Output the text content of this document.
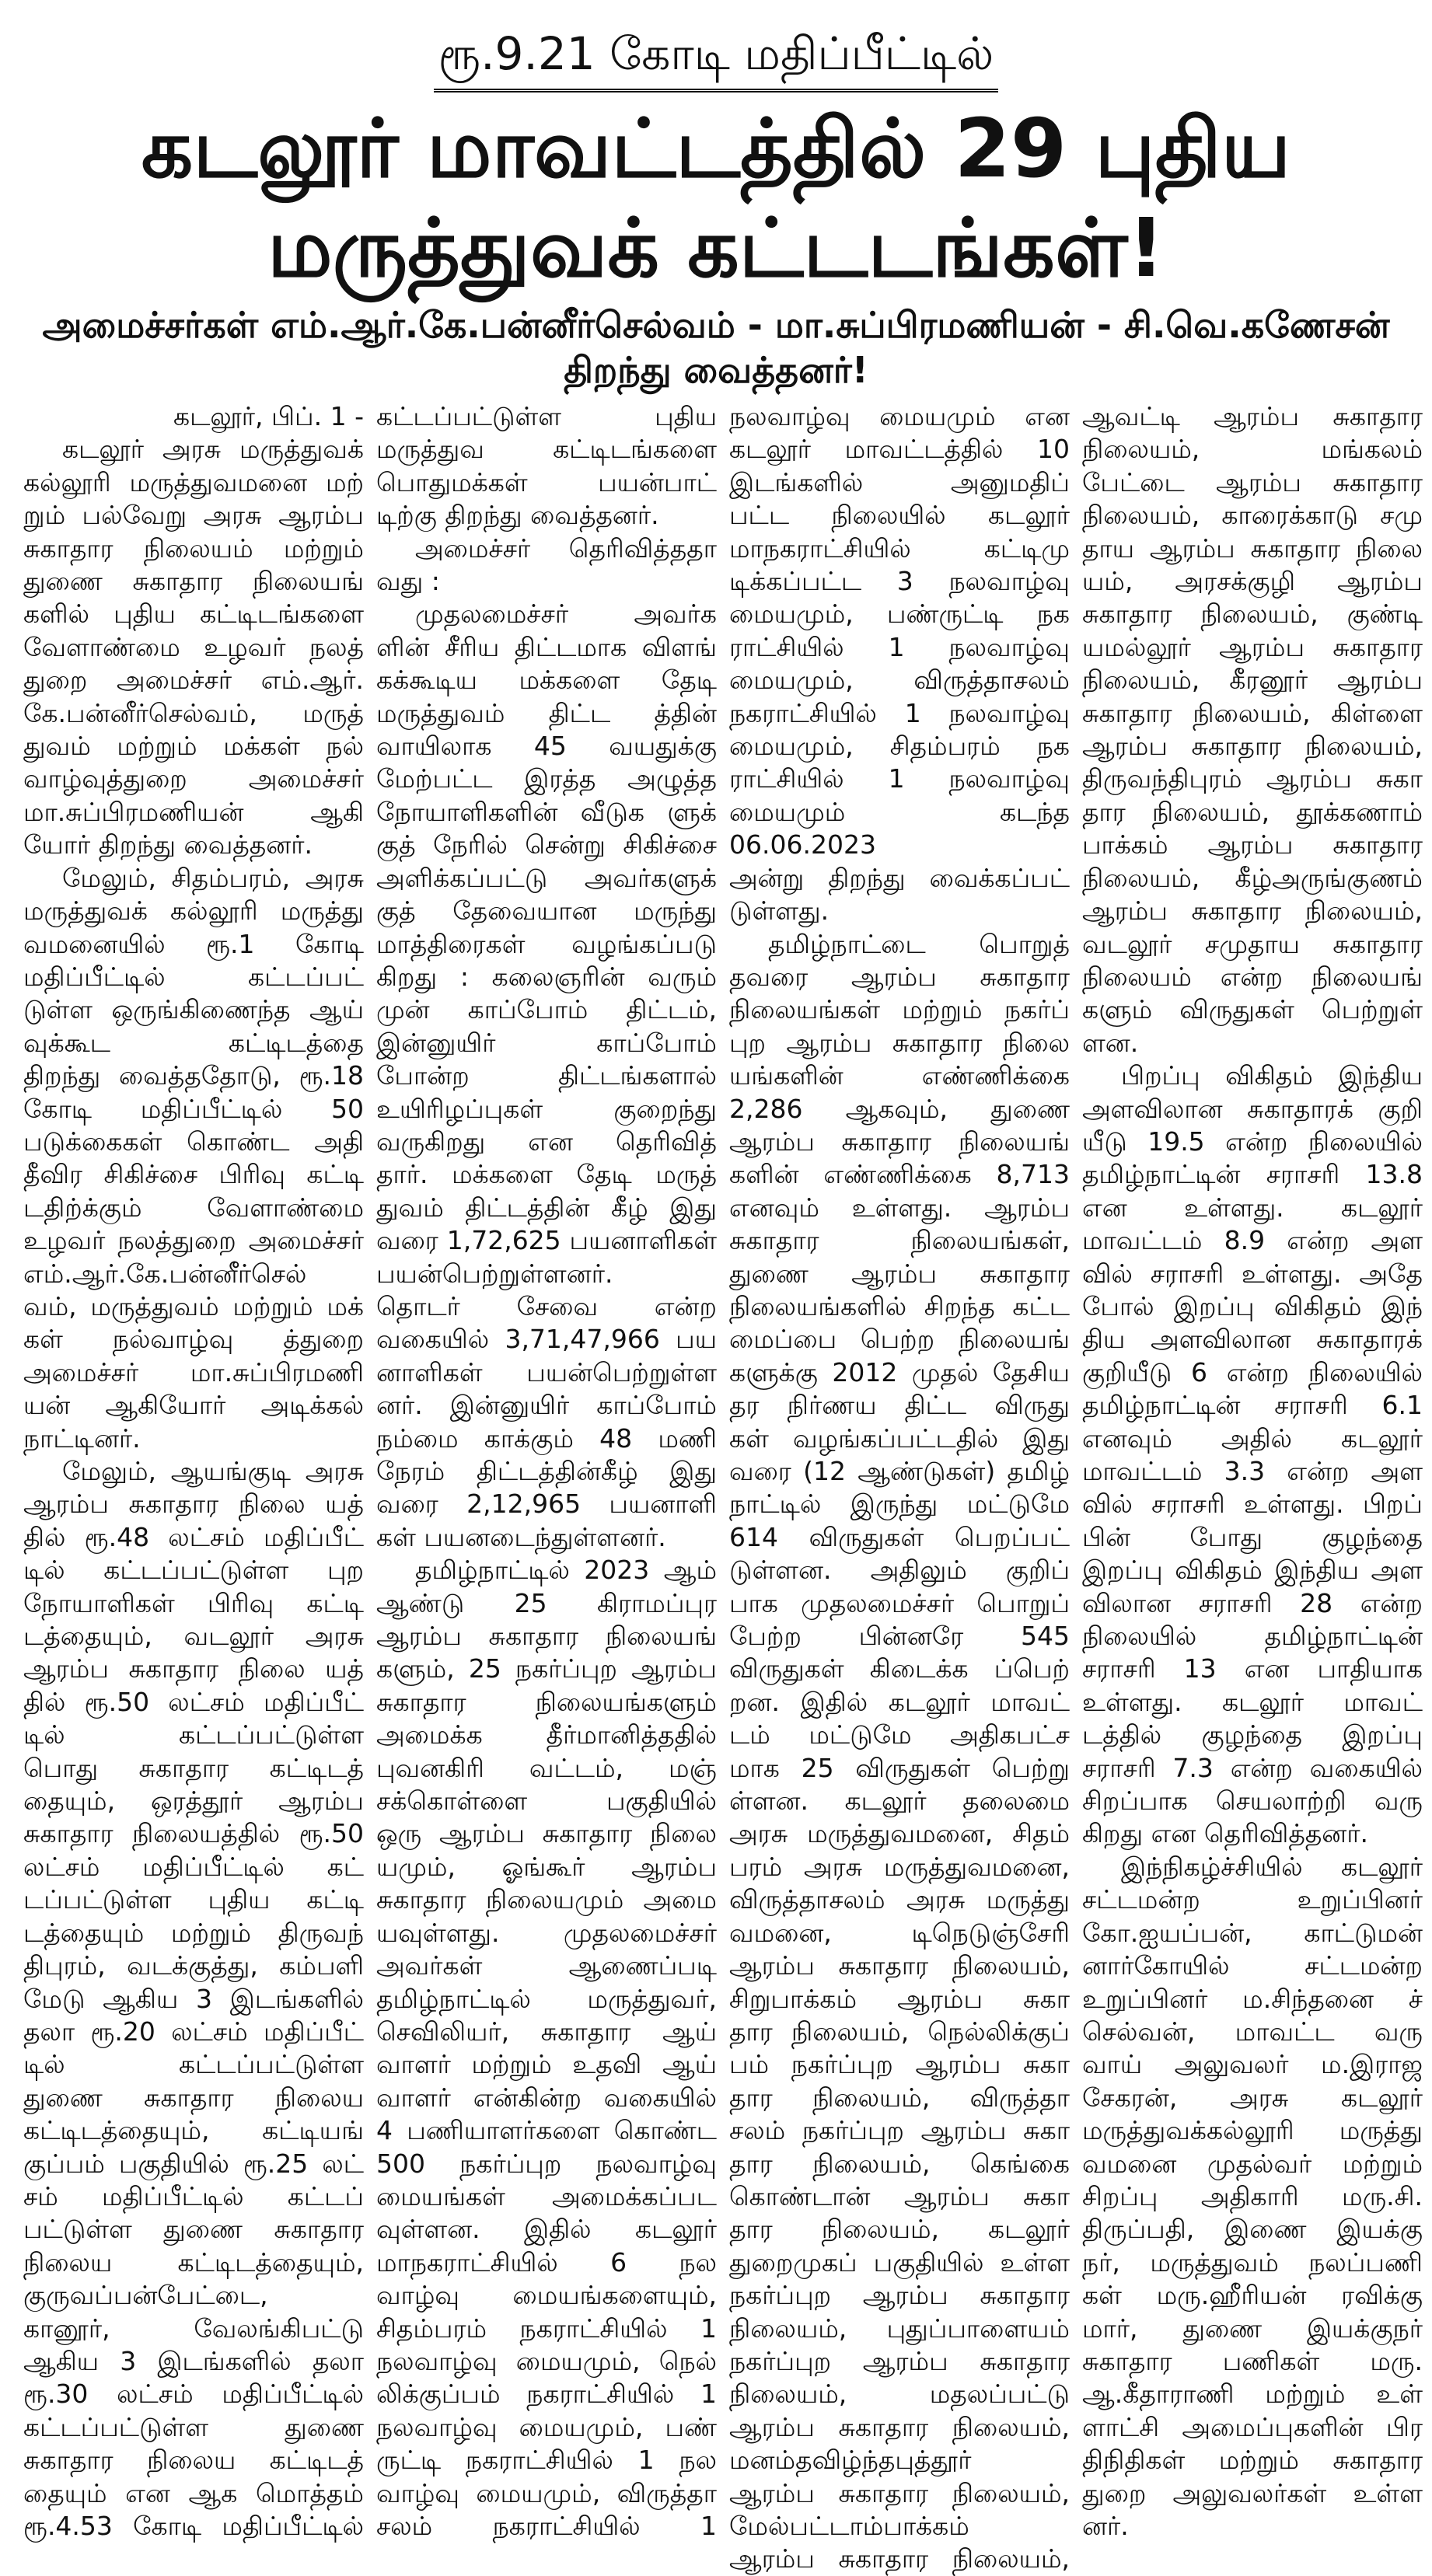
ரூ.9.21 கோடி மதிப்பீட்டில்
கடலூர் மாவட்டத்தில் 29 புதிய மருத்துவக் கட்டடங்கள்!
அமைச்சர்கள் எம்.ஆர்.கே.பன்னீர்செல்வம் - மா.சுப்பிரமணியன் - சி.வெ.கணேசன் திறந்து வைத்தனர்!
கடலூர், பிப். 1 -
கடலூர் அரசு மருத்துவக்
கல்லூரி மருத்துவமனை மற்
றும் பல்வேறு அரசு ஆரம்ப
சுகாதார நிலையம் மற்றும்
துணை சுகாதார நிலையங்
களில் புதிய கட்டிடங்களை
வேளாண்மை உழவர் நலத்
துறை அமைச்சர் எம்.ஆர்.
கே.பன்னீர்செல்வம், மருத்
துவம் மற்றும் மக்கள் நல்
வாழ்வுத்துறை அமைச்சர்
மா.சுப்பிரமணியன் ஆகி
யோர் திறந்து வைத்தனர்.
மேலும், சிதம்பரம், அரசு
மருத்துவக் கல்லூரி மருத்து
வமனையில் ரூ.1 கோடி
மதிப்பீட்டில் கட்டப்பட்
டுள்ள ஒருங்கிணைந்த ஆய்
வுக்கூட கட்டிடத்தை
திறந்து வைத்ததோடு, ரூ.18
கோடி மதிப்பீட்டில் 50
படுக்கைகள் கொண்ட அதி
தீவிர சிகிச்சை பிரிவு கட்டி
டதிற்க்கும் வேளாண்மை
உழவர் நலத்துறை அமைச்சர்
எம்.ஆர்.கே.பன்னீர்செல்
வம், மருத்துவம் மற்றும் மக்
கள் நல்வாழ்வு த்துறை
அமைச்சர் மா.சுப்பிரமணி
யன் ஆகியோர் அடிக்கல்
நாட்டினர்.
மேலும், ஆயங்குடி அரசு
ஆரம்ப சுகாதார நிலை யத்
தில் ரூ.48 லட்சம் மதிப்பீட்
டில் கட்டப்பட்டுள்ள புற
நோயாளிகள் பிரிவு கட்டி
டத்தையும், வடலூர் அரசு
ஆரம்ப சுகாதார நிலை யத்
தில் ரூ.50 லட்சம் மதிப்பீட்
டில் கட்டப்பட்டுள்ள
பொது சுகாதார கட்டிடத்
தையும், ஒரத்தூர் ஆரம்ப
சுகாதார நிலையத்தில் ரூ.50
லட்சம் மதிப்பீட்டில் கட்
டப்பட்டுள்ள புதிய கட்டி
டத்தையும் மற்றும் திருவந்
திபுரம், வடக்குத்து, கம்பளி
மேடு ஆகிய 3 இடங்களில்
தலா ரூ.20 லட்சம் மதிப்பீட்
டில் கட்டப்பட்டுள்ள
துணை சுகாதார நிலைய
கட்டிடத்தையும், கட்டியங்
குப்பம் பகுதியில் ரூ.25 லட்
சம் மதிப்பீட்டில் கட்டப்
பட்டுள்ள துணை சுகாதார
நிலைய கட்டிடத்தையும்,
குருவப்பன்பேட்டை,
கானூர், வேலங்கிபட்டு
ஆகிய 3 இடங்களில் தலா
ரூ.30 லட்சம் மதிப்பீட்டில்
கட்டப்பட்டுள்ள துணை
சுகாதார நிலைய கட்டிடத்
தையும் என ஆக மொத்தம்
ரூ.4.53 கோடி மதிப்பீட்டில்
கட்டப்பட்டுள்ள புதிய
மருத்துவ கட்டிடங்களை
பொதுமக்கள் பயன்பாட்
டிற்கு திறந்து வைத்தனர்.
அமைச்சர் தெரிவித்ததா
வது :
முதலமைச்சர் அவர்க
ளின் சீரிய திட்டமாக விளங்
கக்கூடிய மக்களை தேடி
மருத்துவம் திட்ட த்தின்
வாயிலாக 45 வயதுக்கு
மேற்பட்ட இரத்த அழுத்த
நோயாளிகளின் வீடுக ளுக்
குத் நேரில் சென்று சிகிச்சை
அளிக்கப்பட்டு அவர்களுக்
குத் தேவையான மருந்து
மாத்திரைகள் வழங்கப்படு
கிறது : கலைஞரின் வரும்
முன் காப்போம் திட்டம்,
இன்னுயிர் காப்போம்
போன்ற திட்டங்களால்
உயிரிழப்புகள் குறைந்து
வருகிறது என தெரிவித்
தார். மக்களை தேடி மருத்
துவம் திட்டத்தின் கீழ் இது
வரை 1,72,625 பயனாளிகள்
பயன்பெற்றுள்ளனர்.
தொடர் சேவை என்ற
வகையில் 3,71,47,966 பய
னாளிகள் பயன்பெற்றுள்ள
னர். இன்னுயிர் காப்போம்
நம்மை காக்கும் 48 மணி
நேரம் திட்டத்தின்கீழ் இது
வரை 2,12,965 பயனாளி
கள் பயனடைந்துள்ளனர்.
தமிழ்நாட்டில் 2023 ஆம்
ஆண்டு 25 கிராமப்புர
ஆரம்ப சுகாதார நிலையங்
களும், 25 நகர்ப்புற ஆரம்ப
சுகாதார நிலையங்களும்
அமைக்க தீர்மானித்ததில்
புவனகிரி வட்டம், மஞ்
சக்கொள்ளை பகுதியில்
ஒரு ஆரம்ப சுகாதார நிலை
யமும், ஓங்கூர் ஆரம்ப
சுகாதார நிலையமும் அமை
யவுள்ளது. முதலமைச்சர்
அவர்கள் ஆணைப்படி
தமிழ்நாட்டில் மருத்துவர்,
செவிலியர், சுகாதார ஆய்
வாளர் மற்றும் உதவி ஆய்
வாளர் என்கின்ற வகையில்
4 பணியாளர்களை கொண்ட
500 நகர்ப்புற நலவாழ்வு
மையங்கள் அமைக்கப்பட
வுள்ளன. இதில் கடலூர்
மாநகராட்சியில் 6 நல
வாழ்வு மையங்களையும்,
சிதம்பரம் நகராட்சியில் 1
நலவாழ்வு மையமும், நெல்
லிக்குப்பம் நகராட்சியில் 1
நலவாழ்வு மையமும், பண்
ருட்டி நகராட்சியில் 1 நல
வாழ்வு மையமும், விருத்தா
சலம் நகராட்சியில் 1
நலவாழ்வு மையமும் என
கடலூர் மாவட்டத்தில் 10
இடங்களில் அனுமதிப்
பட்ட நிலையில் கடலூர்
மாநகராட்சியில் கட்டிமு
டிக்கப்பட்ட 3 நலவாழ்வு
மையமும், பண்ருட்டி நக
ராட்சியில் 1 நலவாழ்வு
மையமும், விருத்தாசலம்
நகராட்சியில் 1 நலவாழ்வு
மையமும், சிதம்பரம் நக
ராட்சியில் 1 நலவாழ்வு
மையமும் கடந்த 06.06.2023
அன்று திறந்து வைக்கப்பட்
டுள்ளது.
தமிழ்நாட்டை பொறுத்
தவரை ஆரம்ப சுகாதார
நிலையங்கள் மற்றும் நகர்ப்
புற ஆரம்ப சுகாதார நிலை
யங்களின் எண்ணிக்கை
2,286 ஆகவும், துணை
ஆரம்ப சுகாதார நிலையங்
களின் எண்ணிக்கை 8,713
எனவும் உள்ளது. ஆரம்ப
சுகாதார நிலையங்கள்,
துணை ஆரம்ப சுகாதார
நிலையங்களில் சிறந்த கட்ட
மைப்பை பெற்ற நிலையங்
களுக்கு 2012 முதல் தேசிய
தர நிர்ணய திட்ட விருது
கள் வழங்கப்பட்டதில் இது
வரை (12 ஆண்டுகள்) தமிழ்
நாட்டில் இருந்து மட்டுமே
614 விருதுகள் பெறப்பட்
டுள்ளன. அதிலும் குறிப்
பாக முதலமைச்சர் பொறுப்
பேற்ற பின்னரே 545
விருதுகள் கிடைக்க ப்பெற்
றன. இதில் கடலூர் மாவட்
டம் மட்டுமே அதிகபட்ச
மாக 25 விருதுகள் பெற்று
ள்ளன. கடலூர் தலைமை
அரசு மருத்துவமனை, சிதம்
பரம் அரசு மருத்துவமனை,
விருத்தாசலம் அரசு மருத்து
வமனை, டிநெடுஞ்சேரி
ஆரம்ப சுகாதார நிலையம்,
சிறுபாக்கம் ஆரம்ப சுகா
தார நிலையம், நெல்லிக்குப்
பம் நகர்ப்புற ஆரம்ப சுகா
தார நிலையம், விருத்தா
சலம் நகர்ப்புற ஆரம்ப சுகா
தார நிலையம், கெங்கை
கொண்டான் ஆரம்ப சுகா
தார நிலையம், கடலூர்
துறைமுகப் பகுதியில் உள்ள
நகர்ப்புற ஆரம்ப சுகாதார
நிலையம், புதுப்பாளையம்
நகர்ப்புற ஆரம்ப சுகாதார
நிலையம், மதலப்பட்டு
ஆரம்ப சுகாதார நிலையம்,
மனம்தவிழ்ந்தபுத்தூர்
ஆரம்ப சுகாதார நிலையம்,
மேல்பட்டாம்பாக்கம்
ஆரம்ப சுகாதார நிலையம்,
ஆவட்டி ஆரம்ப சுகாதார
நிலையம், மங்கலம்
பேட்டை ஆரம்ப சுகாதார
நிலையம், காரைக்காடு சமு
தாய ஆரம்ப சுகாதார நிலை
யம், அரசக்குழி ஆரம்ப
சுகாதார நிலையம், குண்டி
யமல்லூர் ஆரம்ப சுகாதார
நிலையம், கீரனூர் ஆரம்ப
சுகாதார நிலையம், கிள்ளை
ஆரம்ப சுகாதார நிலையம்,
திருவந்திபுரம் ஆரம்ப சுகா
தார நிலையம், தூக்கணாம்
பாக்கம் ஆரம்ப சுகாதார
நிலையம், கீழ்அருங்குணம்
ஆரம்ப சுகாதார நிலையம்,
வடலூர் சமுதாய சுகாதார
நிலையம் என்ற நிலையங்
களும் விருதுகள் பெற்றுள்
ளன.
பிறப்பு விகிதம் இந்திய
அளவிலான சுகாதாரக் குறி
யீடு 19.5 என்ற நிலையில்
தமிழ்நாட்டின் சராசரி 13.8
என உள்ளது. கடலூர்
மாவட்டம் 8.9 என்ற அள
வில் சராசரி உள்ளது. அதே
போல் இறப்பு விகிதம் இந்
திய அளவிலான சுகாதாரக்
குறியீடு 6 என்ற நிலையில்
தமிழ்நாட்டின் சராசரி 6.1
எனவும் அதில் கடலூர்
மாவட்டம் 3.3 என்ற அள
வில் சராசரி உள்ளது. பிறப்
பின் போது குழந்தை
இறப்பு விகிதம் இந்திய அள
விலான சராசரி 28 என்ற
நிலையில் தமிழ்நாட்டின்
சராசரி 13 என பாதியாக
உள்ளது. கடலூர் மாவட்
டத்தில் குழந்தை இறப்பு
சராசரி 7.3 என்ற வகையில்
சிறப்பாக செயலாற்றி வரு
கிறது என தெரிவித்தனர்.
இந்நிகழ்ச்சியில் கடலூர்
சட்டமன்ற உறுப்பினர்
கோ.ஐயப்பன், காட்டுமன்
னார்கோயில் சட்டமன்ற
உறுப்பினர் ம.சிந்தனை ச்
செல்வன், மாவட்ட வரு
வாய் அலுவலர் ம.இராஜ
சேகரன், அரசு கடலூர்
மருத்துவக்கல்லூரி மருத்து
வமனை முதல்வர் மற்றும்
சிறப்பு அதிகாரி மரு.சி.
திருப்பதி, இணை இயக்கு
நர், மருத்துவம் நலப்பணி
கள் மரு.ஹீரியன் ரவிக்கு
மார், துணை இயக்குநர்
சுகாதார பணிகள் மரு.
ஆ.கீதாராணி மற்றும் உள்
ளாட்சி அமைப்புகளின் பிர
திநிதிகள் மற்றும் சுகாதார
துறை அலுவலர்கள் உள்ள
னர்.
